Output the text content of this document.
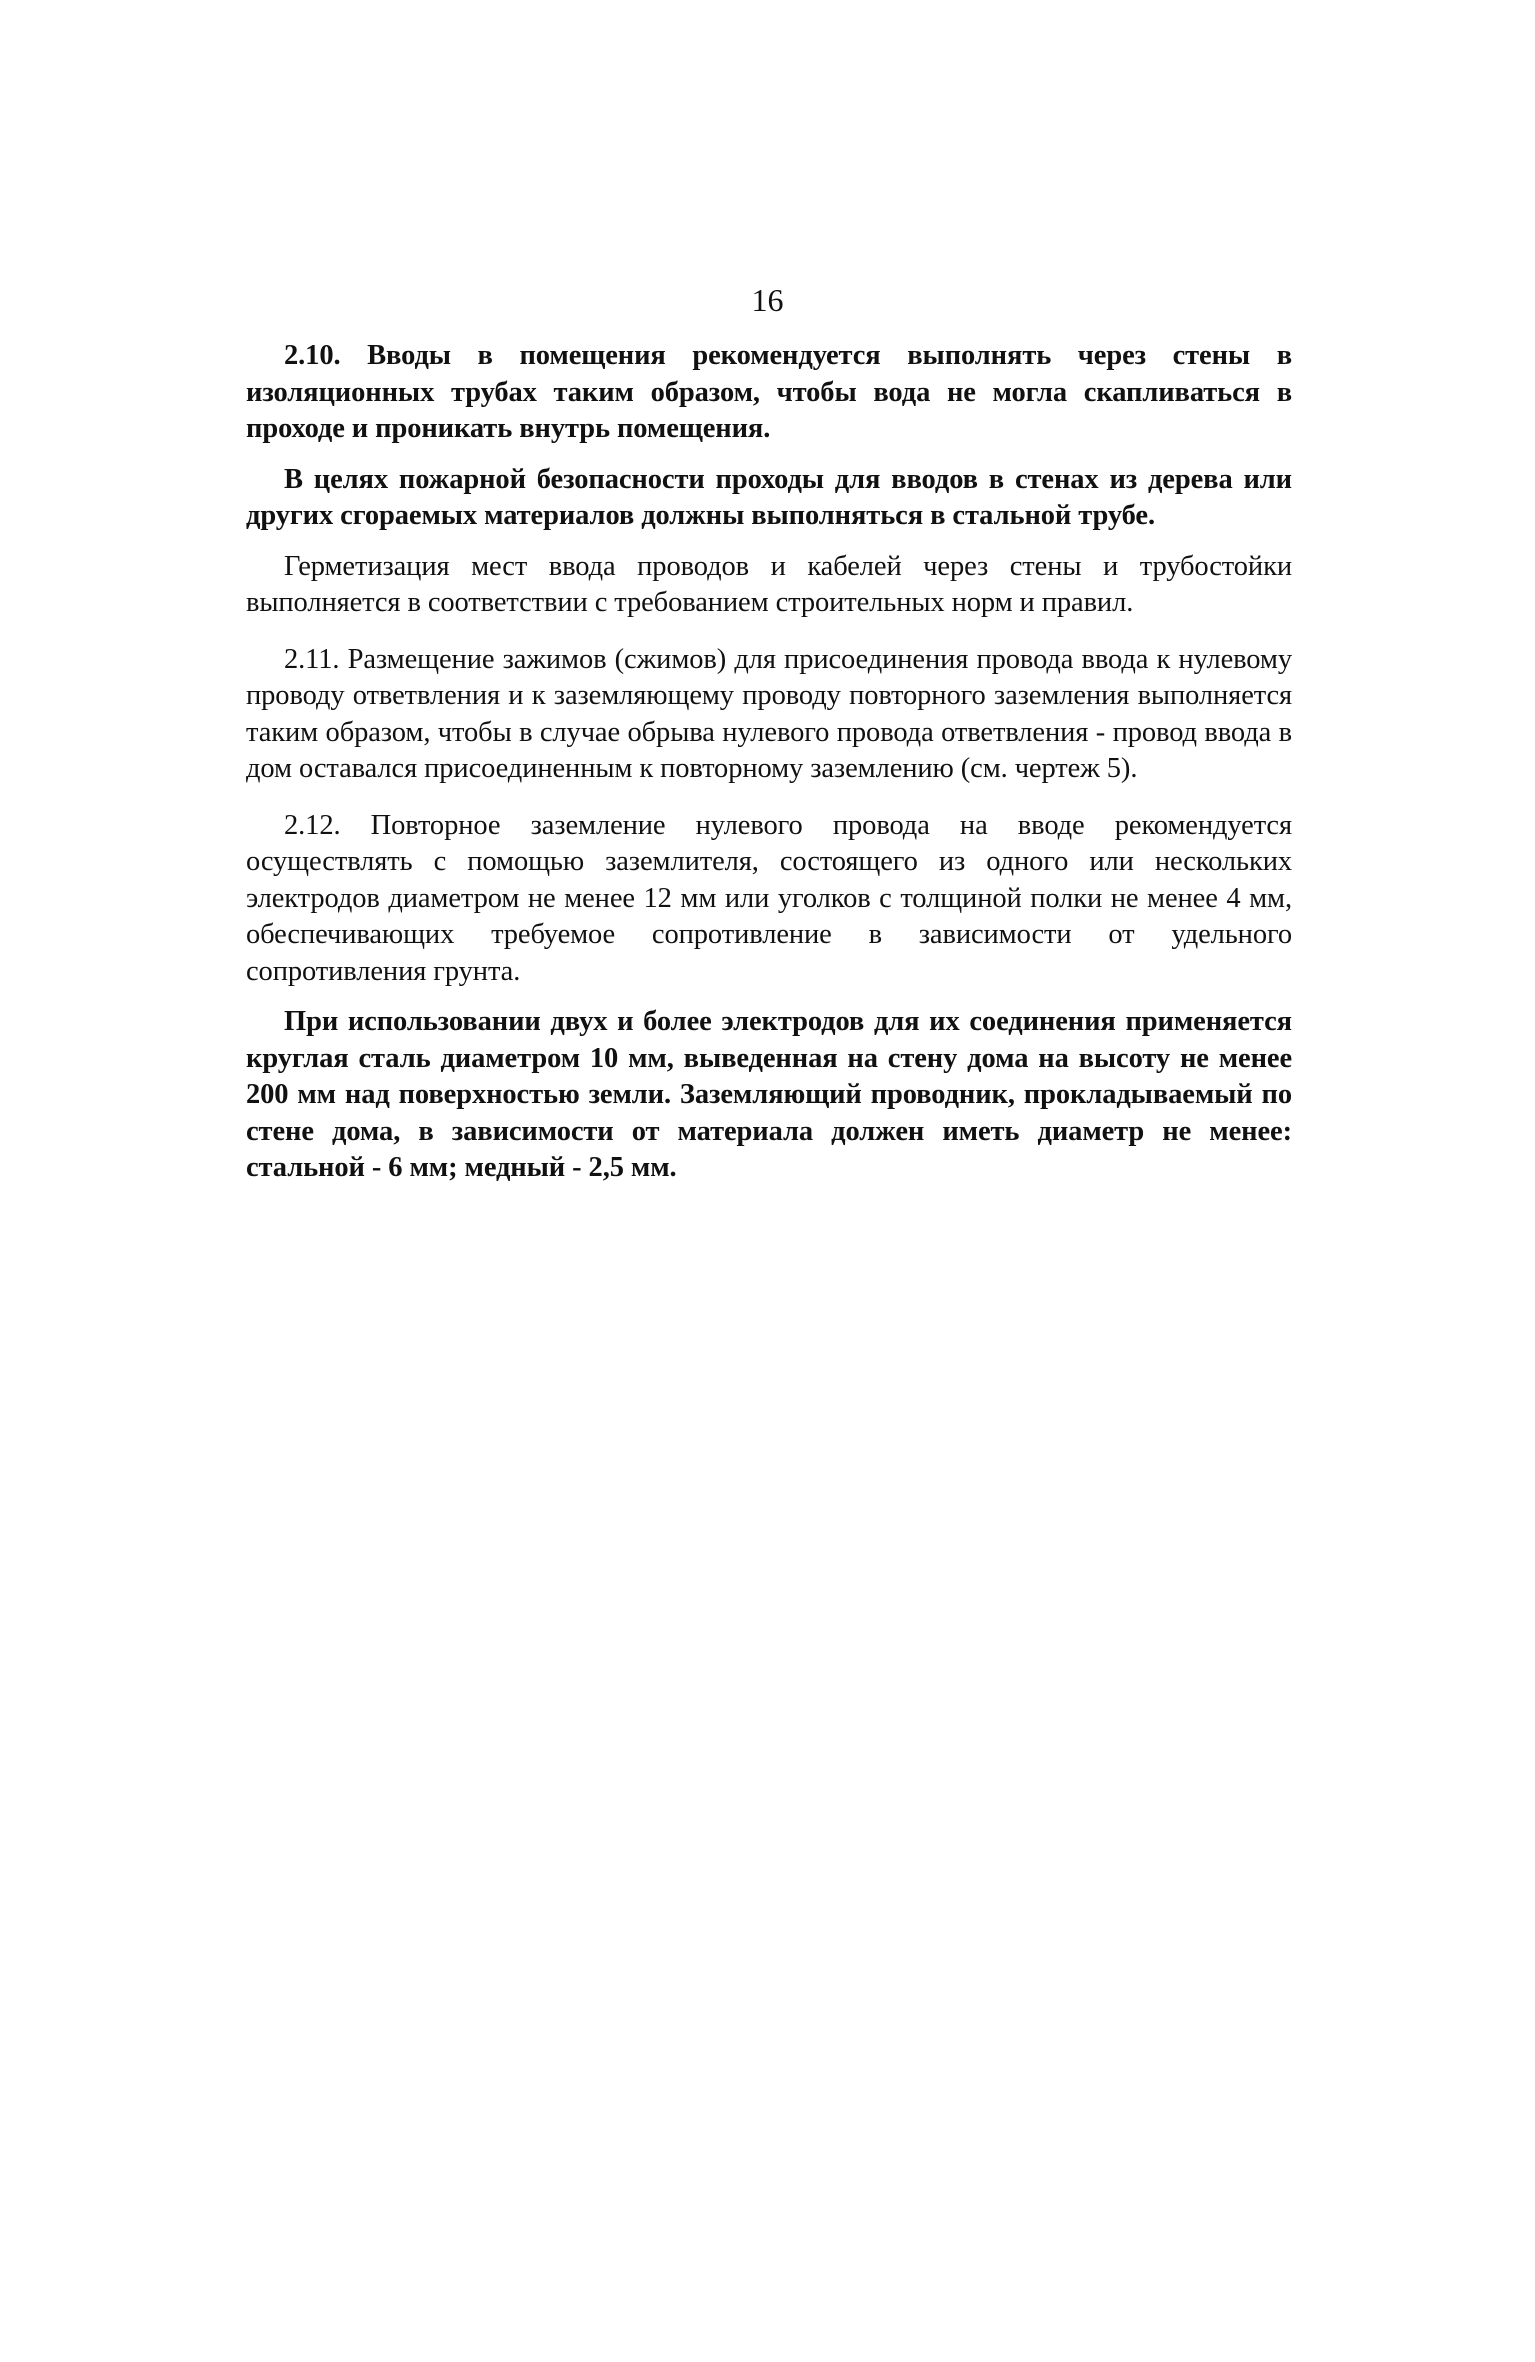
16

2.10. Вводы в помещения рекомендуется выполнять через стены в изоляционных трубах таким образом, чтобы вода не могла скапливаться в проходе и проникать внутрь помещения.

В целях пожарной безопасности проходы для вводов в стенах из дерева или других сгораемых материалов должны выполняться в стальной трубе.

Герметизация мест ввода проводов и кабелей через стены и трубостойки выполняется в соответствии с требованием строительных норм и правил.

2.11. Размещение зажимов (сжимов) для присоединения провода ввода к нулевому проводу ответвления и к заземляющему проводу повторного заземления выполняется таким образом, чтобы в случае обрыва нулевого провода ответвления - провод ввода в дом оставался присоединенным к повторному заземлению (см. чертеж 5).

2.12. Повторное заземление нулевого провода на вводе рекомендуется осуществлять с помощью заземлителя, состоящего из одного или нескольких электродов диаметром не менее 12 мм или уголков с толщиной полки не менее 4 мм, обеспечивающих требуемое сопротивление в зависимости от удельного сопротивления грунта.

При использовании двух и более электродов для их соединения применяется круглая сталь диаметром 10 мм, выведенная на стену дома на высоту не менее 200 мм над поверхностью земли. Заземляющий проводник, прокладываемый по стене дома, в зависимости от материала должен иметь диаметр не менее: стальной - 6 мм; медный - 2,5 мм.
